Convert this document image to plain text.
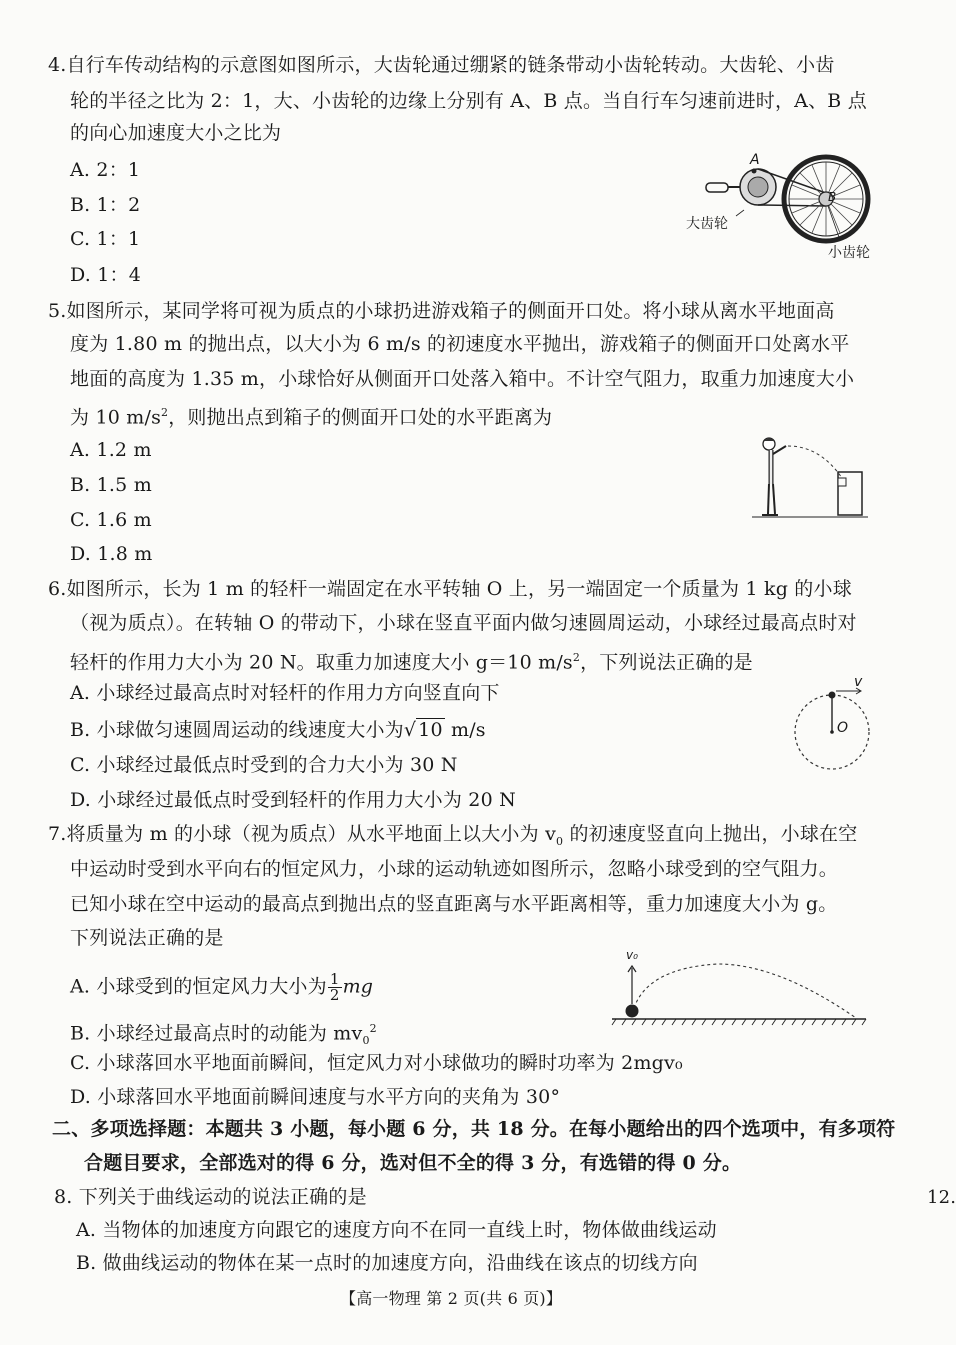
4.自行车传动结构的示意图如图所示，大齿轮通过绷紧的链条带动小齿轮转动。大齿轮、小齿
轮的半径之比为 2：1，大、小齿轮的边缘上分别有 A、B 点。当自行车匀速前进时，A、B 点
的向心加速度大小之比为
A. 2：1
B. 1：2
C. 1：1
D. 1：4
A
B
大齿轮
小齿轮
5.如图所示，某同学将可视为质点的小球扔进游戏箱子的侧面开口处。将小球从离水平地面高
度为 1.80 m 的抛出点，以大小为 6 m/s 的初速度水平抛出，游戏箱子的侧面开口处离水平
地面的高度为 1.35 m，小球恰好从侧面开口处落入箱中。不计空气阻力，取重力加速度大小
为 10 $m/s^2$，则抛出点到箱子的侧面开口处的水平距离为
A. 1.2 m
B. 1.5 m
C. 1.6 m
D. 1.8 m
6.如图所示，长为 1 m 的轻杆一端固定在水平转轴 O 上，另一端固定一个质量为 1 kg 的小球
（视为质点）。在转轴 O 的带动下，小球在竖直平面内做匀速圆周运动，小球经过最高点时对
轻杆的作用力大小为 20 N。取重力加速度大小 g＝10 $m/s^2$，下列说法正确的是
A. 小球经过最高点时对轻杆的作用力方向竖直向下
B. 小球做匀速圆周运动的线速度大小为√ 10 m/s
C. 小球经过最低点时受到的合力大小为 30 N
D. 小球经过最低点时受到轻杆的作用力大小为 20 N
v
O
7.将质量为 m 的小球（视为质点）从水平地面上以大小为 $v_0$ 的初速度竖直向上抛出，小球在空
中运动时受到水平向右的恒定风力，小球的运动轨迹如图所示，忽略小球受到的空气阻力。
已知小球在空中运动的最高点到抛出点的竖直距离与水平距离相等，重力加速度大小为 g。
下列说法正确的是
A. 小球受到的恒定风力大小为 $\frac{1}{2}$ mg
B. 小球经过最高点时的动能为 $mv_0^2$
C. 小球落回水平地面前瞬间，恒定风力对小球做功的瞬时功率为 2mgv₀
D. 小球落回水平地面前瞬间速度与水平方向的夹角为 30°
v₀
二、多项选择题：本题共 3 小题，每小题 6 分，共 18 分。在每小题给出的四个选项中，有多项符
合题目要求，全部选对的得 6 分，选对但不全的得 3 分，有选错的得 0 分。
8. 下列关于曲线运动的说法正确的是
A. 当物体的加速度方向跟它的速度方向不在同一直线上时，物体做曲线运动
B. 做曲线运动的物体在某一点时的加速度方向，沿曲线在该点的切线方向
12.
【高一物理 第 2 页(共 6 页)】
